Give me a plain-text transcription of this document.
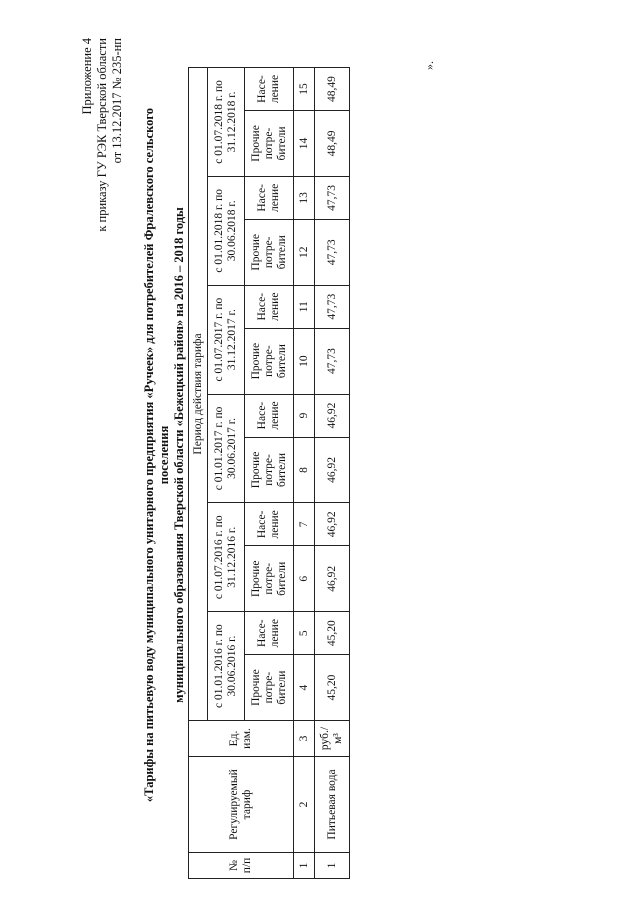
Приложение 4 к приказу ГУ РЭК Тверской области от 13.12.2017 № 235-нп
«Тарифы на питьевую воду муниципального унитарного предприятия «Ручеек» для потребителей Фралевского сельского поселения муниципального образования Тверской области «Бежецкий район» на 2016 – 2018 годы
№ п/п	Регулируемый тариф	Ед. изм.	Период действия тарифа											
			с 01.01.2016 г. по 30.06.2016 г.		с 01.07.2016 г. по 31.12.2016 г.		с 01.01.2017 г. по 30.06.2017 г.		с 01.07.2017 г. по 31.12.2017 г.		с 01.01.2018 г. по 30.06.2018 г.		с 01.07.2018 г. по 31.12.2018 г.	
			Прочие потре-бители	Насе-ление	Прочие потре-бители	Насе-ление	Прочие потре-бители	Насе-ление	Прочие потре-бители	Насе-ление	Прочие потре-бители	Насе-ление	Прочие потре-бители	Насе-ление
1	2	3	4	5	6	7	8	9	10	11	12	13	14	15
1	Питьевая вода	руб./м³	45,20	45,20	46,92	46,92	46,92	46,92	47,73	47,73	47,73	47,73	48,49	48,49
».
